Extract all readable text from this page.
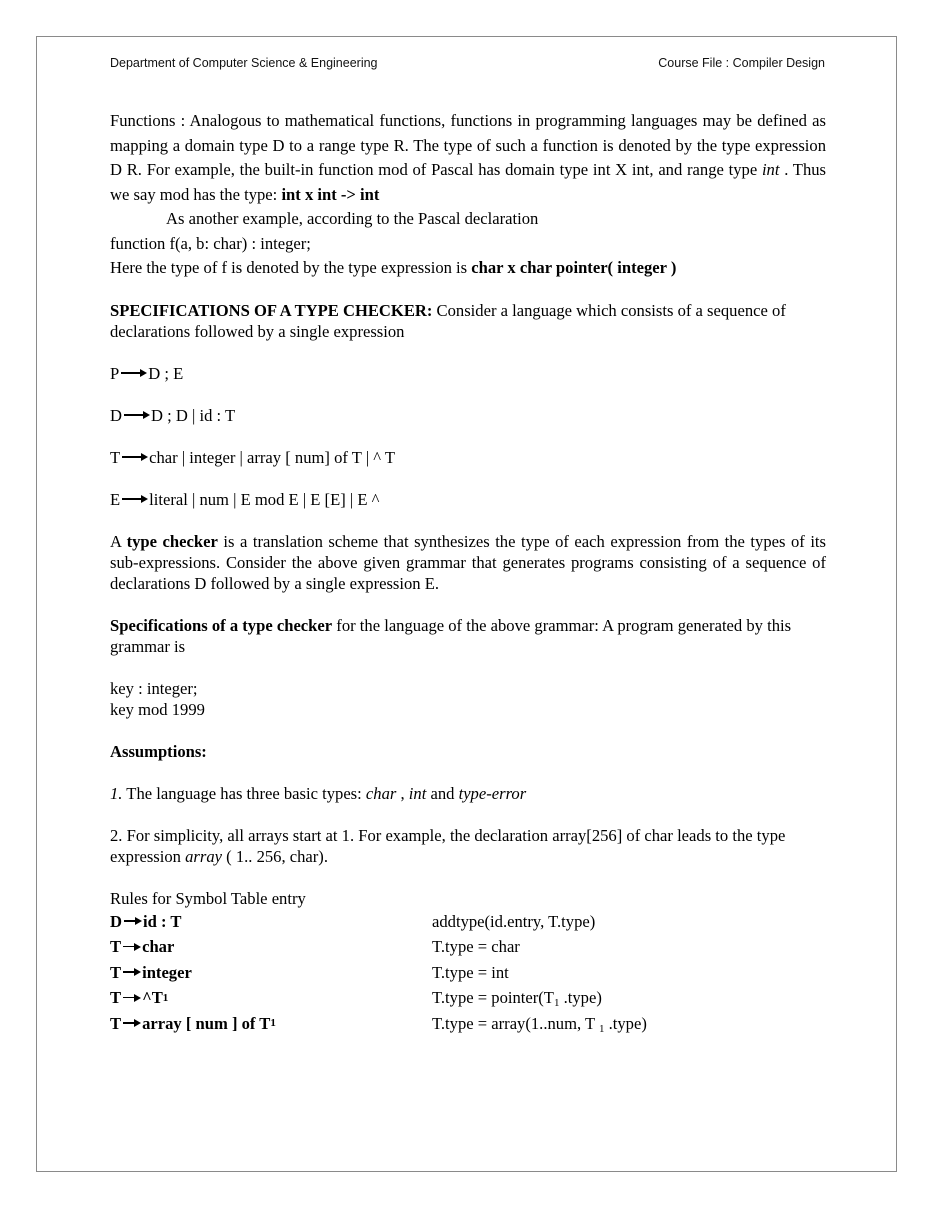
Department of Computer Science & Engineering	Course File : Compiler Design

Functions : Analogous to mathematical functions, functions in programming languages may be defined as mapping a domain type D to a range type R. The type of such a function is denoted by the type expression D R. For example, the built-in function mod of Pascal has domain type int X int, and range type int . Thus we say mod has the type: int x int -> int

As another example, according to the Pascal declaration

function f(a, b: char) : integer;

Here the type of f is denoted by the type expression is char x char pointer( integer )

SPECIFICATIONS OF A TYPE CHECKER: Consider a language which consists of a sequence of declarations followed by a single expression

P D ; E
D D ; D | id : T
T char | integer | array [ num] of T | ^ T
E literal | num | E mod E | E [E] | E ^

A type checker is a translation scheme that synthesizes the type of each expression from the types of its sub-expressions. Consider the above given grammar that generates programs consisting of a sequence of declarations D followed by a single expression E.

Specifications of a type checker for the language of the above grammar: A program generated by this grammar is

key : integer;

key mod 1999

Assumptions:

1. The language has three basic types: char , int and type-error

2. For simplicity, all arrays start at 1. For example, the declaration array[256] of char leads to the type expression array ( 1.. 256, char).

Rules for Symbol Table entry

D id : T	addtype(id.entry, T.type)
T char	T.type = char
T integer	T.type = int
T ^T 1	T.type = $pointer(T_1$ .type)
T array [ num ] of T 1	T.type = array(1..num, T $_1$ .type)
